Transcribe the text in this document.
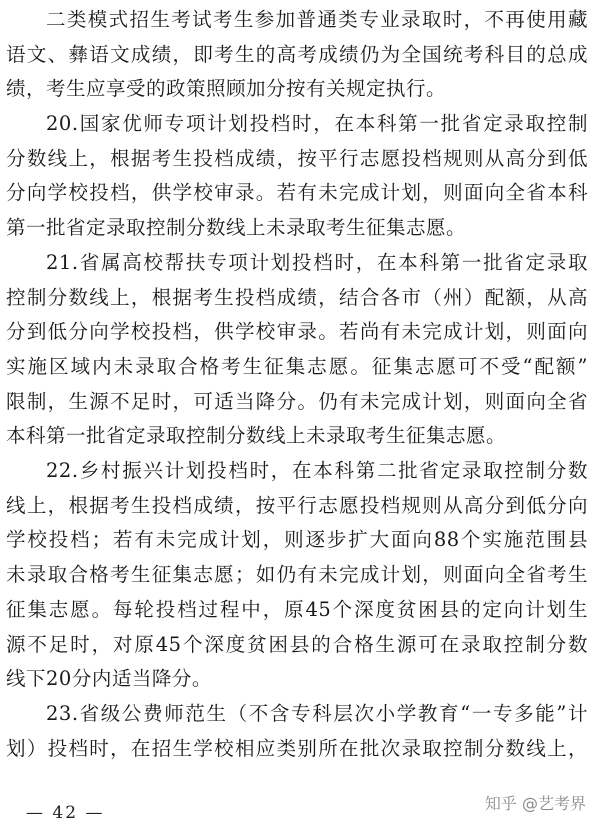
二类模式招生考试考生参加普通类专业录取时，不再使用藏
语文、彝语文成绩，即考生的高考成绩仍为全国统考科目的总成
绩，考生应享受的政策照顾加分按有关规定执行。
20.国家优师专项计划投档时，在本科第一批省定录取控制
分数线上，根据考生投档成绩，按平行志愿投档规则从高分到低
分向学校投档，供学校审录。若有未完成计划，则面向全省本科
第一批省定录取控制分数线上未录取考生征集志愿。
21.省属高校帮扶专项计划投档时，在本科第一批省定录取
控制分数线上，根据考生投档成绩，结合各市（州）配额，从高
分到低分向学校投档，供学校审录。若尚有未完成计划，则面向
实施区域内未录取合格考生征集志愿。征集志愿可不受“配额”
限制，生源不足时，可适当降分。仍有未完成计划，则面向全省
本科第一批省定录取控制分数线上未录取考生征集志愿。
22.乡村振兴计划投档时，在本科第二批省定录取控制分数
线上，根据考生投档成绩，按平行志愿投档规则从高分到低分向
学校投档；若有未完成计划，则逐步扩大面向88个实施范围县
未录取合格考生征集志愿；如仍有未完成计划，则面向全省考生
征集志愿。每轮投档过程中，原45个深度贫困县的定向计划生
源不足时，对原45个深度贫困县的合格生源可在录取控制分数
线下20分内适当降分。
23.省级公费师范生（不含专科层次小学教育“一专多能”计
划）投档时，在招生学校相应类别所在批次录取控制分数线上，
— 42 —	知乎 @艺考界
